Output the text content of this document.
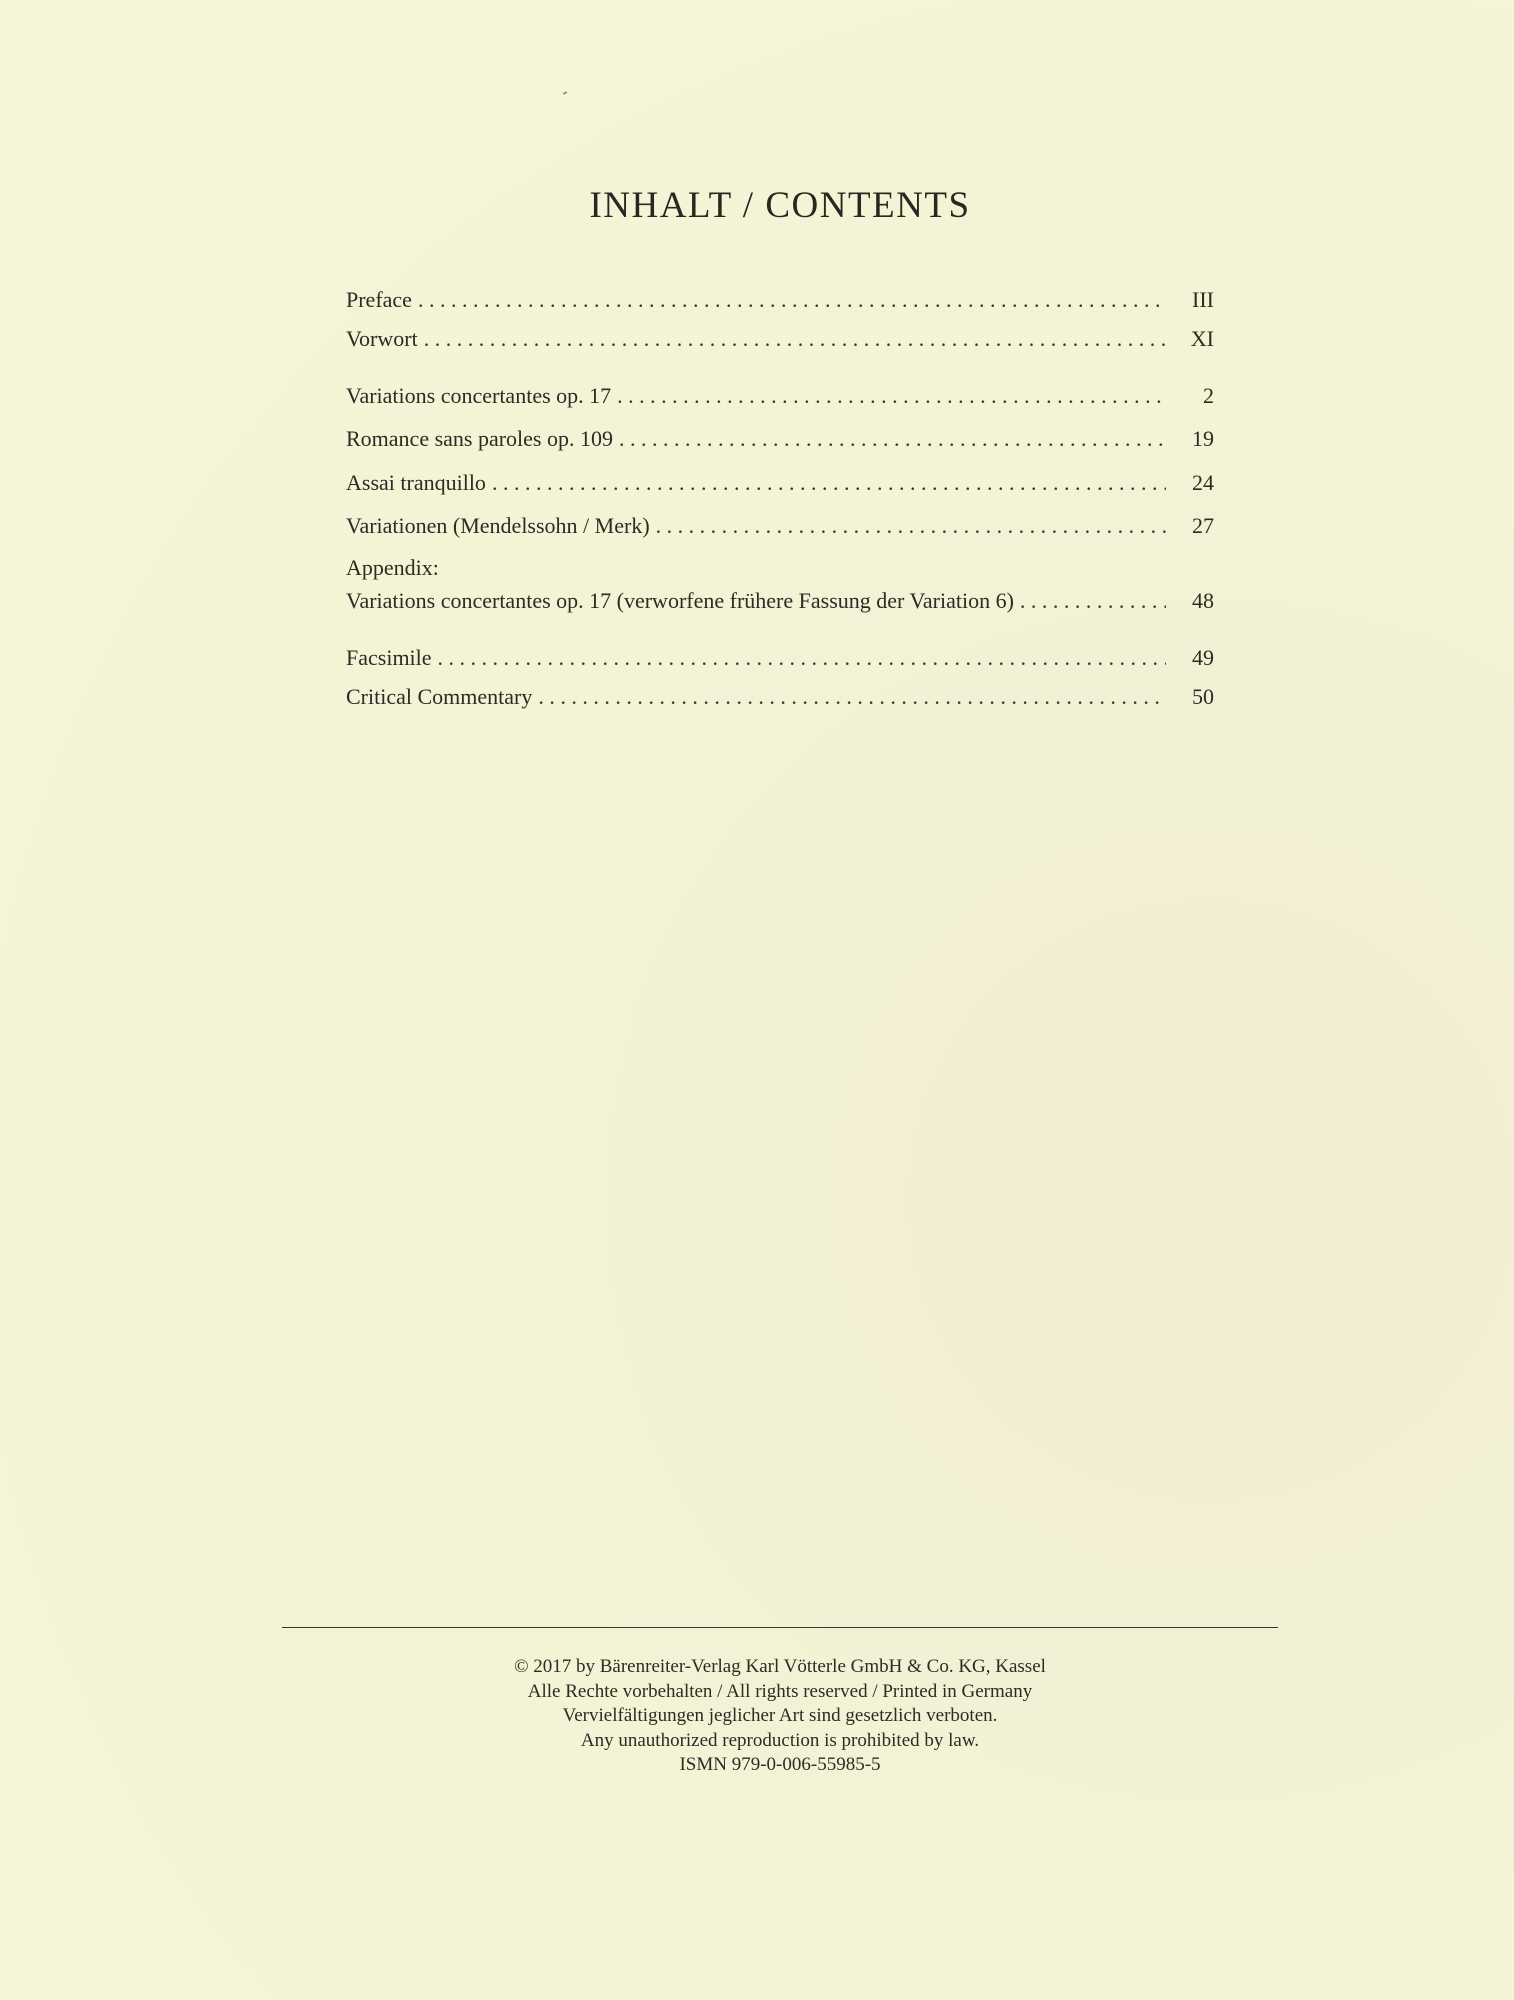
INHALT / CONTENTS
Preface . . .	III
Vorwort . . .	XI
Variations concertantes op. 17 . . .	2
Romance sans paroles op. 109 . . .	19
Assai tranquillo . . .	24
Variationen (Mendelssohn / Merk) . . .	27
Appendix:
Variations concertantes op. 17 (verworfene frühere Fassung der Variation 6) . . .	48
Facsimile . . .	49
Critical Commentary . . .	50
© 2017 by Bärenreiter-Verlag Karl Vötterle GmbH & Co. KG, Kassel
Alle Rechte vorbehalten / All rights reserved / Printed in Germany
Vervielfältigungen jeglicher Art sind gesetzlich verboten.
Any unauthorized reproduction is prohibited by law.
ISMN 979-0-006-55985-5
